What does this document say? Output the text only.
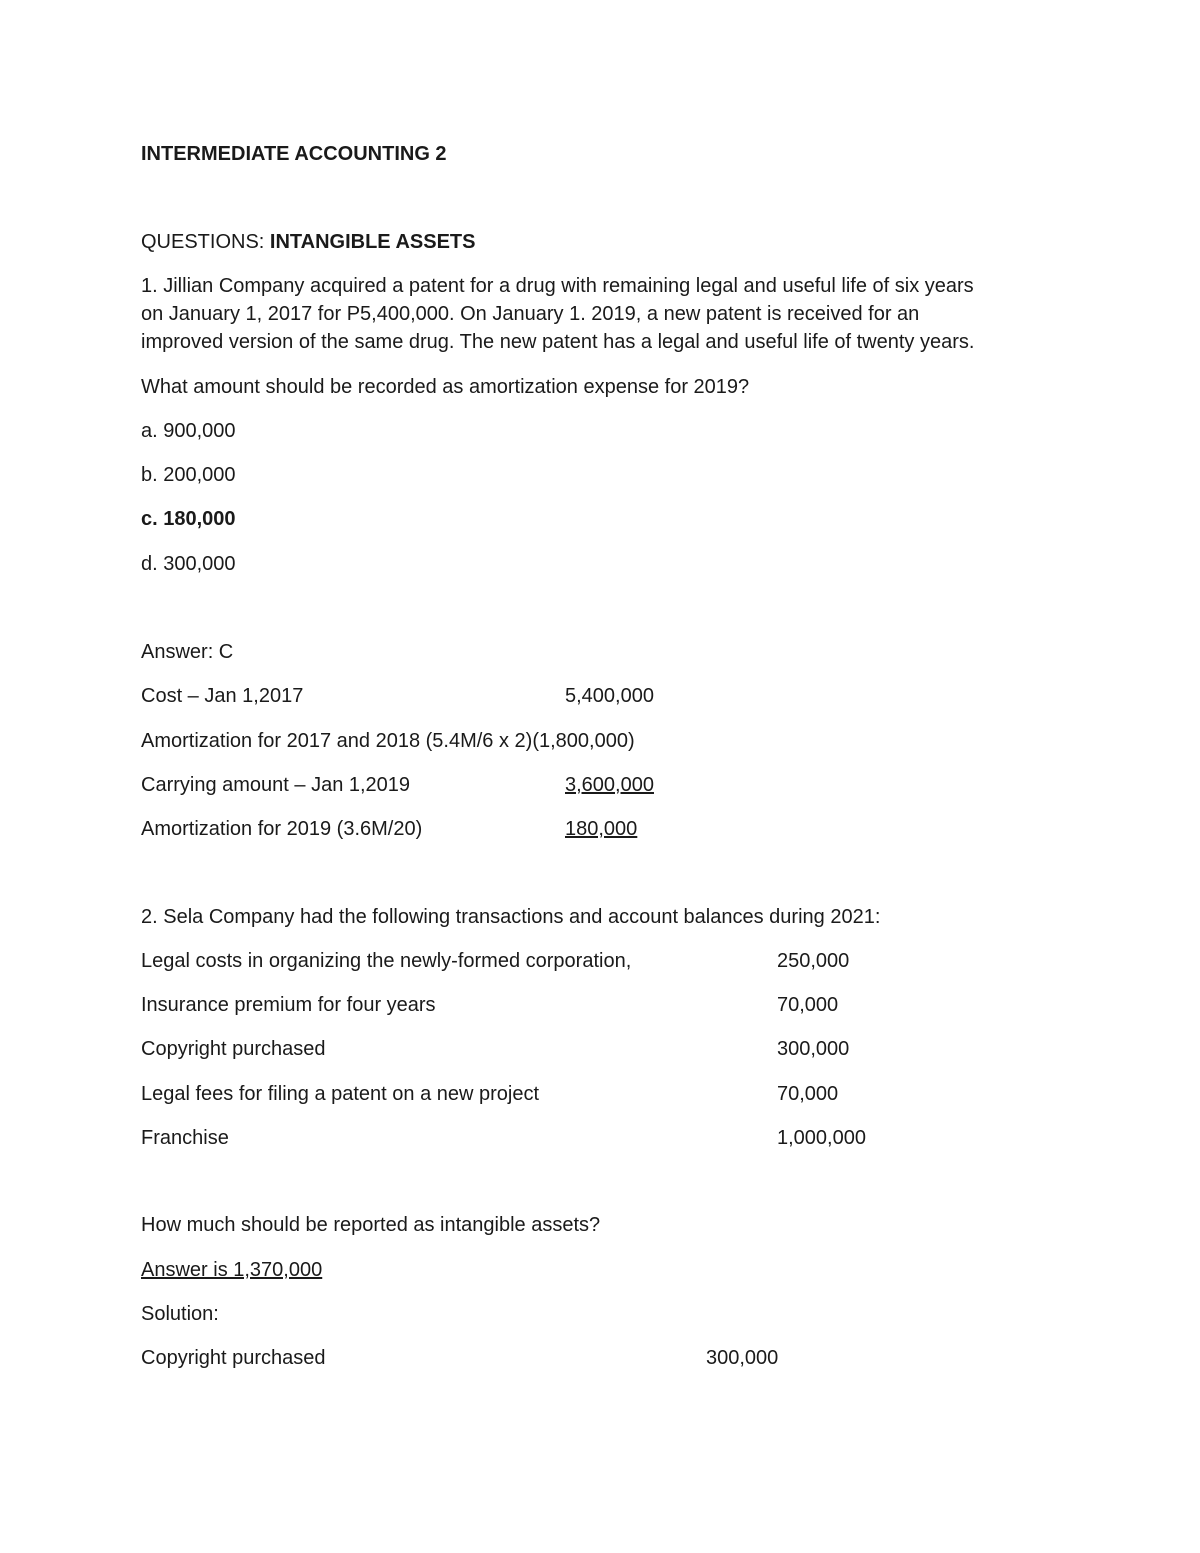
INTERMEDIATE ACCOUNTING 2
QUESTIONS: INTANGIBLE ASSETS
1. Jillian Company acquired a patent for a drug with remaining legal and useful life of six years
on January 1, 2017 for P5,400,000. On January 1. 2019, a new patent is received for an
improved version of the same drug. The new patent has a legal and useful life of twenty years.
What amount should be recorded as amortization expense for 2019?
a. 900,000
b. 200,000
c. 180,000
d. 300,000
Answer: C
Cost – Jan 1,2017	5,400,000
Amortization for 2017 and 2018 (5.4M/6 x 2)(1,800,000)
Carrying amount – Jan 1,2019	3,600,000
Amortization for 2019 (3.6M/20)	180,000
2. Sela Company had the following transactions and account balances during 2021:
Legal costs in organizing the newly-formed corporation,	250,000
Insurance premium for four years	70,000
Copyright purchased	300,000
Legal fees for filing a patent on a new project	70,000
Franchise	1,000,000
How much should be reported as intangible assets?
Answer is 1,370,000
Solution:
Copyright purchased	300,000
